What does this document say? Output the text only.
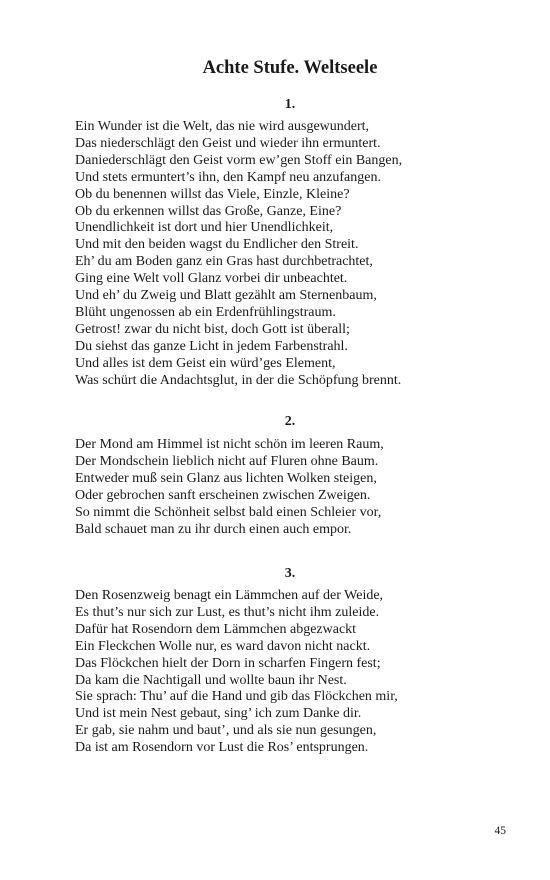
Achte Stufe. Weltseele
1.
Ein Wunder ist die Welt, das nie wird ausgewundert,
Das niederschlägt den Geist und wieder ihn ermuntert.
Daniederschlägt den Geist vorm ew’gen Stoff ein Bangen,
Und stets ermuntert’s ihn, den Kampf neu anzufangen.
Ob du benennen willst das Viele, Einzle, Kleine?
Ob du erkennen willst das Große, Ganze, Eine?
Unendlichkeit ist dort und hier Unendlichkeit,
Und mit den beiden wagst du Endlicher den Streit.
Eh’ du am Boden ganz ein Gras hast durchbetrachtet,
Ging eine Welt voll Glanz vorbei dir unbeachtet.
Und eh’ du Zweig und Blatt gezählt am Sternenbaum,
Blüht ungenossen ab ein Erdenfrühlingstraum.
Getrost! zwar du nicht bist, doch Gott ist überall;
Du siehst das ganze Licht in jedem Farbenstrahl.
Und alles ist dem Geist ein würd’ges Element,
Was schürt die Andachtsglut, in der die Schöpfung brennt.
2.
Der Mond am Himmel ist nicht schön im leeren Raum,
Der Mondschein lieblich nicht auf Fluren ohne Baum.
Entweder muß sein Glanz aus lichten Wolken steigen,
Oder gebrochen sanft erscheinen zwischen Zweigen.
So nimmt die Schönheit selbst bald einen Schleier vor,
Bald schauet man zu ihr durch einen auch empor.
3.
Den Rosenzweig benagt ein Lämmchen auf der Weide,
Es thut’s nur sich zur Lust, es thut’s nicht ihm zuleide.
Dafür hat Rosendorn dem Lämmchen abgezwackt
Ein Fleckchen Wolle nur, es ward davon nicht nackt.
Das Flöckchen hielt der Dorn in scharfen Fingern fest;
Da kam die Nachtigall und wollte baun ihr Nest.
Sie sprach: Thu’ auf die Hand und gib das Flöckchen mir,
Und ist mein Nest gebaut, sing’ ich zum Danke dir.
Er gab, sie nahm und baut’, und als sie nun gesungen,
Da ist am Rosendorn vor Lust die Ros’ entsprungen.
45
